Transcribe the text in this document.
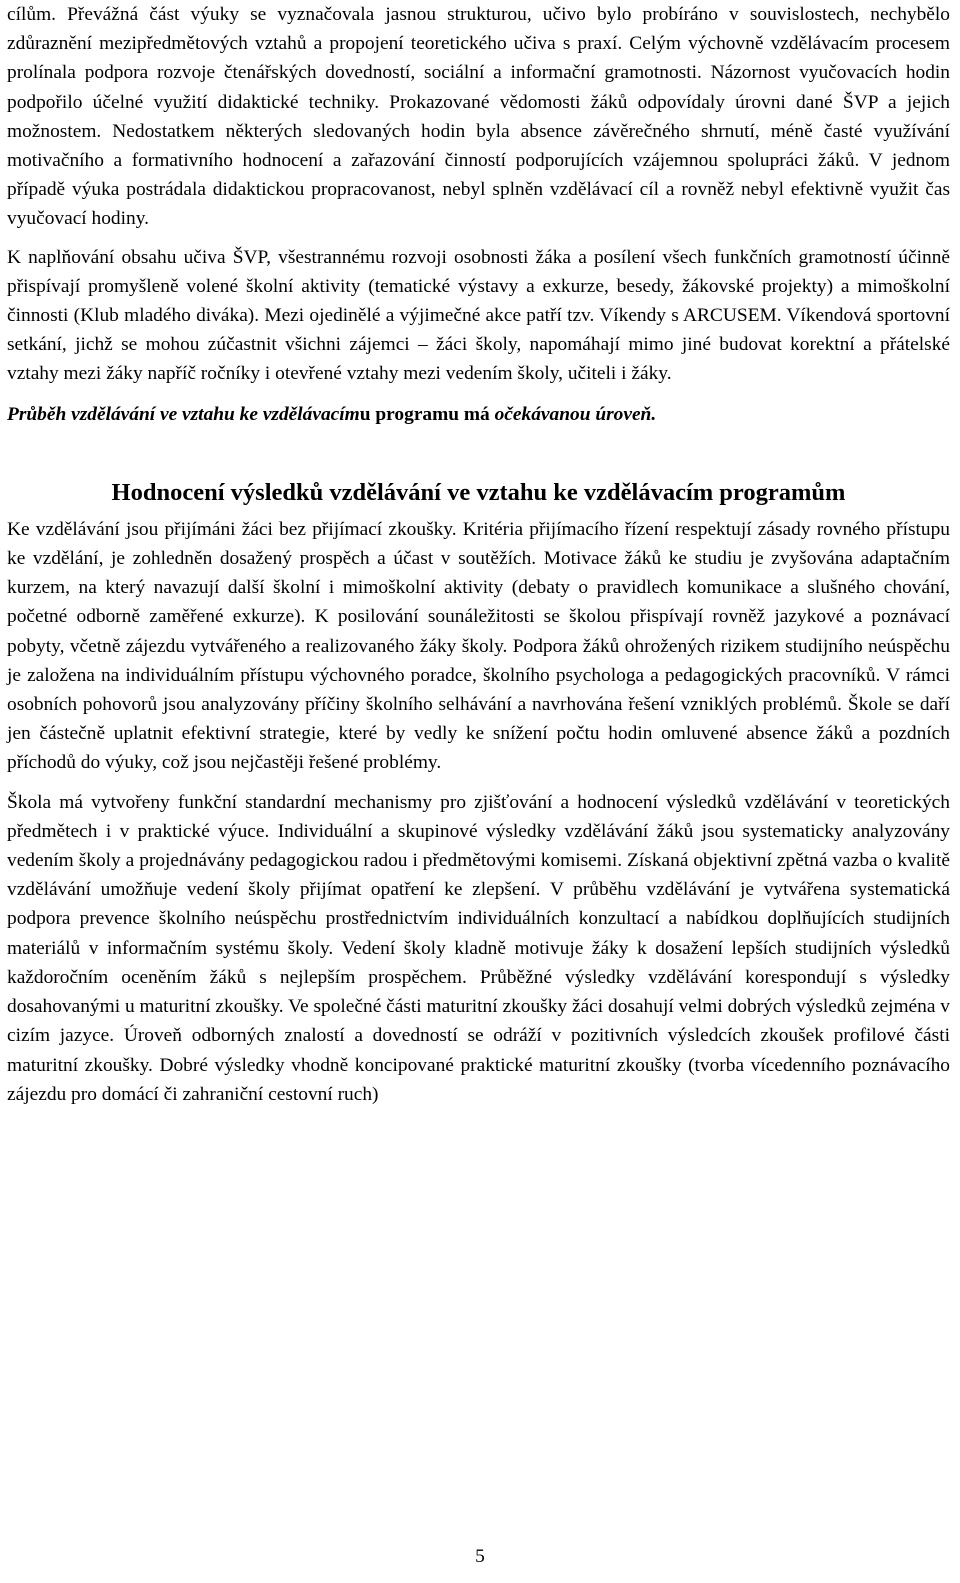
cílům. Převážná část výuky se vyznačovala jasnou strukturou, učivo bylo probíráno v souvislostech, nechybělo zdůraznění mezipředmětových vztahů a propojení teoretického učiva s praxí. Celým výchovně vzdělávacím procesem prolínala podpora rozvoje čtenářských dovedností, sociální a informační gramotnosti. Názornost vyučovacích hodin podpořilo účelné využití didaktické techniky. Prokazované vědomosti žáků odpovídaly úrovni dané ŠVP a jejich možnostem. Nedostatkem některých sledovaných hodin byla absence závěrečného shrnutí, méně časté využívání motivačního a formativního hodnocení a zařazování činností podporujících vzájemnou spolupráci žáků. V jednom případě výuka postrádala didaktickou propracovanost, nebyl splněn vzdělávací cíl a rovněž nebyl efektivně využit čas vyučovací hodiny.

K naplňování obsahu učiva ŠVP, všestrannému rozvoji osobnosti žáka a posílení všech funkčních gramotností účinně přispívají promyšleně volené školní aktivity (tematické výstavy a exkurze, besedy, žákovské projekty) a mimoškolní činnosti (Klub mladého diváka). Mezi ojedinělé a výjimečné akce patří tzv. Víkendy s ARCUSEM. Víkendová sportovní setkání, jichž se mohou zúčastnit všichni zájemci – žáci školy, napomáhají mimo jiné budovat korektní a přátelské vztahy mezi žáky napříč ročníky i otevřené vztahy mezi vedením školy, učiteli i žáky.

Průběh vzdělávání ve vztahu ke vzdělávacímu programu má očekávanou úroveň.

Hodnocení výsledků vzdělávání ve vztahu ke vzdělávacím programům

Ke vzdělávání jsou přijímáni žáci bez přijímací zkoušky. Kritéria přijímacího řízení respektují zásady rovného přístupu ke vzdělání, je zohledněn dosažený prospěch a účast v soutěžích. Motivace žáků ke studiu je zvyšována adaptačním kurzem, na který navazují další školní i mimoškolní aktivity (debaty o pravidlech komunikace a slušného chování, početné odborně zaměřené exkurze). K posilování sounáležitosti se školou přispívají rovněž jazykové a poznávací pobyty, včetně zájezdu vytvářeného a realizovaného žáky školy. Podpora žáků ohrožených rizikem studijního neúspěchu je založena na individuálním přístupu výchovného poradce, školního psychologa a pedagogických pracovníků. V rámci osobních pohovorů jsou analyzovány příčiny školního selhávání a navrhována řešení vzniklých problémů. Škole se daří jen částečně uplatnit efektivní strategie, které by vedly ke snížení počtu hodin omluvené absence žáků a pozdních příchodů do výuky, což jsou nejčastěji řešené problémy.

Škola má vytvořeny funkční standardní mechanismy pro zjišťování a hodnocení výsledků vzdělávání v teoretických předmětech i v praktické výuce. Individuální a skupinové výsledky vzdělávání žáků jsou systematicky analyzovány vedením školy a projednávány pedagogickou radou i předmětovými komisemi. Získaná objektivní zpětná vazba o kvalitě vzdělávání umožňuje vedení školy přijímat opatření ke zlepšení. V průběhu vzdělávání je vytvářena systematická podpora prevence školního neúspěchu prostřednictvím individuálních konzultací a nabídkou doplňujících studijních materiálů v informačním systému školy. Vedení školy kladně motivuje žáky k dosažení lepších studijních výsledků každoročním oceněním žáků s nejlepším prospěchem. Průběžné výsledky vzdělávání korespondují s výsledky dosahovanými u maturitní zkoušky. Ve společné části maturitní zkoušky žáci dosahují velmi dobrých výsledků zejména v cizím jazyce. Úroveň odborných znalostí a dovedností se odráží v pozitivních výsledcích zkoušek profilové části maturitní zkoušky. Dobré výsledky vhodně koncipované praktické maturitní zkoušky (tvorba vícedenního poznávacího zájezdu pro domácí či zahraniční cestovní ruch)

5
